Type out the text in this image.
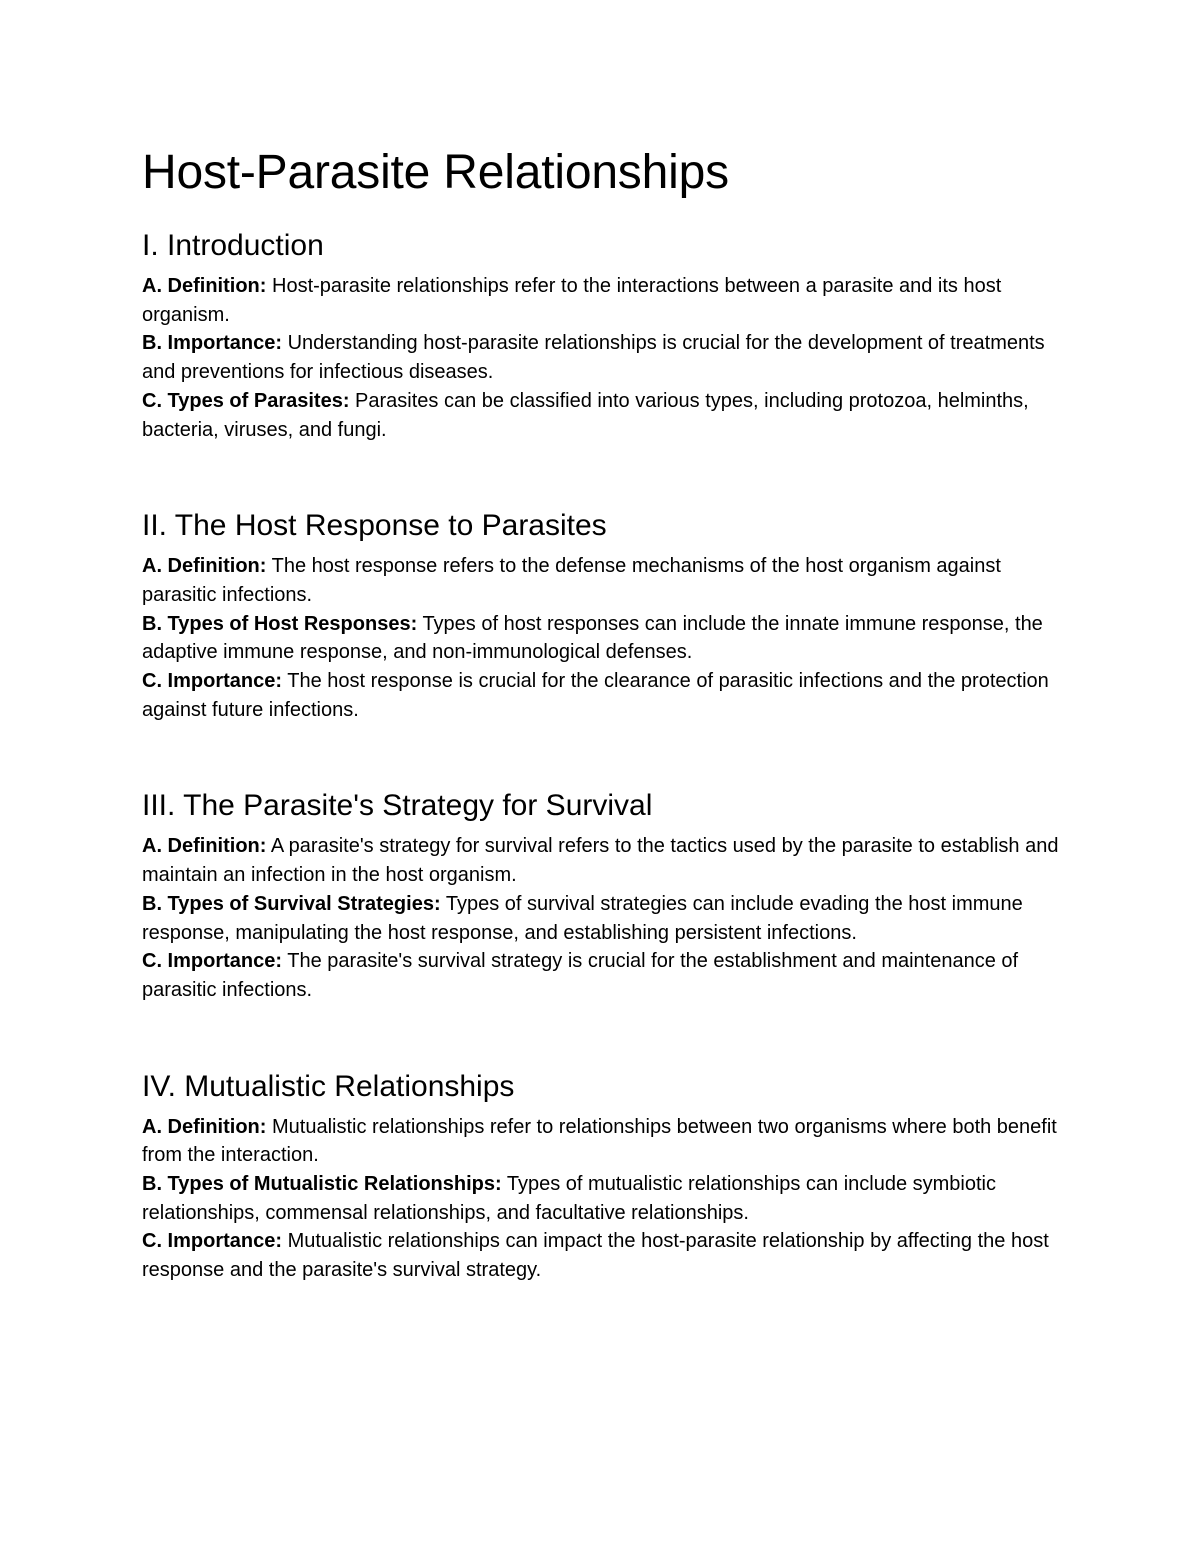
Host-Parasite Relationships
I. Introduction

A. Definition: Host-parasite relationships refer to the interactions between a parasite and its host organism.

B. Importance: Understanding host-parasite relationships is crucial for the development of treatments and preventions for infectious diseases.

C. Types of Parasites: Parasites can be classified into various types, including protozoa, helminths, bacteria, viruses, and fungi.

II. The Host Response to Parasites

A. Definition: The host response refers to the defense mechanisms of the host organism against parasitic infections.

B. Types of Host Responses: Types of host responses can include the innate immune response, the adaptive immune response, and non-immunological defenses.

C. Importance: The host response is crucial for the clearance of parasitic infections and the protection against future infections.

III. The Parasite's Strategy for Survival

A. Definition: A parasite's strategy for survival refers to the tactics used by the parasite to establish and maintain an infection in the host organism.

B. Types of Survival Strategies: Types of survival strategies can include evading the host immune response, manipulating the host response, and establishing persistent infections.

C. Importance: The parasite's survival strategy is crucial for the establishment and maintenance of parasitic infections.

IV. Mutualistic Relationships

A. Definition: Mutualistic relationships refer to relationships between two organisms where both benefit from the interaction.

B. Types of Mutualistic Relationships: Types of mutualistic relationships can include symbiotic relationships, commensal relationships, and facultative relationships.

C. Importance: Mutualistic relationships can impact the host-parasite relationship by affecting the host response and the parasite's survival strategy.
